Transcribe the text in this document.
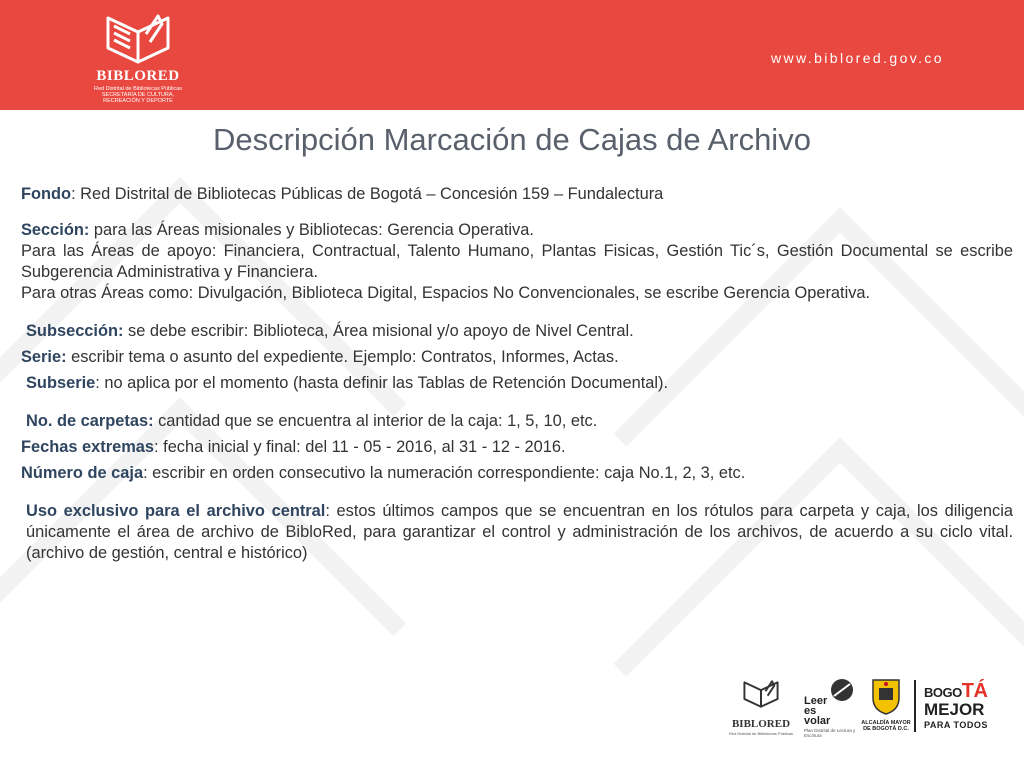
BIBLORED
Red Distrital de Bibliotecas Públicas
SECRETARÍA DE CULTURA, RECREACIÓN Y DEPORTE
www.biblored.gov.co
Descripción Marcación de Cajas de Archivo

Fondo: Red Distrital de Bibliotecas Públicas de Bogotá – Concesión 159 – Fundalectura

Sección: para las Áreas misionales y Bibliotecas: Gerencia Operativa.

Para las Áreas de apoyo: Financiera, Contractual, Talento Humano, Plantas Fisicas, Gestión Tic´s, Gestión Documental se escribe Subgerencia Administrativa y Financiera.

Para otras Áreas como: Divulgación, Biblioteca Digital, Espacios No Convencionales, se escribe Gerencia Operativa.

Subsección: se debe escribir: Biblioteca, Área misional y/o apoyo de Nivel Central.

Serie: escribir tema o asunto del expediente. Ejemplo: Contratos, Informes, Actas.

Subserie: no aplica por el momento (hasta definir las Tablas de Retención Documental).

No. de carpetas: cantidad que se encuentra al interior de la caja: 1, 5, 10, etc.

Fechas extremas: fecha inicial y final: del 11 - 05 - 2016, al 31 - 12 - 2016.

Número de caja: escribir en orden consecutivo la numeración correspondiente: caja No.1, 2, 3, etc.

Uso exclusivo para el archivo central: estos últimos campos que se encuentran en los rótulos para carpeta y caja, los diligencia únicamente el área de archivo de BibloRed, para garantizar el control y administración de los archivos, de acuerdo a su ciclo vital. (archivo de gestión, central e histórico)

BIBLORED
Red Distrital de Bibliotecas Públicas
Leer
es
volar
Plan Distrital de Lectura y Escritura
ALCALDÍA MAYOR
DE BOGOTÁ D.C.
BOGOTÁ
MEJOR
PARA TODOS
